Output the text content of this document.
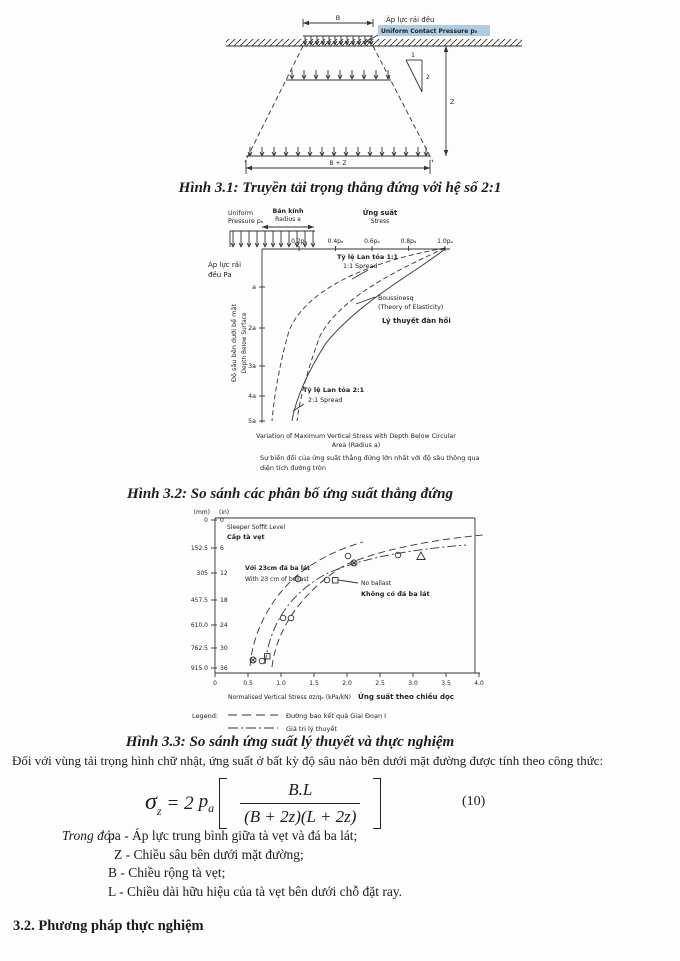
B	Áp lực rải đều
Uniform Contact Pressure p₀
1
2
Z
B + Z
Hình 3.1: Truyền tải trọng thẳng đứng với hệ số 2:1
Uniform
Pressure pₐ
Bán kính
Radius a
Ứng suất
Stress
0.2pₐ	0.4pₐ	0.6pₐ	0.8pₐ	1.0pₐ
a
2a
3a
4a
5a
Áp lực rải
đều Pa
Độ sâu bên dưới bề mặt Depth Below Surface
Tỷ lệ Lan tỏa 1:1
1:1 Spread
Boussinesq
(Theory of Elasticity)
Lý thuyết đàn hồi
Tỷ lệ Lan tỏa 2:1
2:1 Spread
Variation of Maximum Vertical Stress with Depth Below Circular
Area (Radius a)
Sự biến đổi của ứng suất thẳng đứng lớn nhất với độ sâu thông qua
diện tích đường tròn
Hình 3.2: So sánh các phân bố ứng suất thẳng đứng
(mm) (in)
0
152.5
305
457.5
610.0
762.5
915.0
0
6
12
18
24
30
36
0	0.5	1.0	1.5	2.0	2.5	3.0	3.5	4.0
Sleeper Soffit Level
Cấp tà vẹt
Với 23cm đá ba lát
With 23 cm of ballast
No ballast
Không có đá ba lát
Normalised Vertical Stress σz/qₒ (kPa/kN) Ứng suất theo chiều dọc
Legend:	Đường bao kết quả Giai Đoạn I
Giá trị lý thuyết
Hình 3.3: So sánh ứng suất lý thuyết và thực nghiệm
Đối với vùng tải trọng hình chữ nhật, ứng suất ở bất kỳ độ sâu nào bên dưới mặt đường được tính theo công thức:
$\sigma_z = 2$ $p_a \frac{B.L}{(B + 2z)(L + 2z)}$	(10)
Trong đó:
pa - Áp lực trung bình giữa tà vẹt và đá ba lát;
Z - Chiều sâu bên dưới mặt đường;
B - Chiều rộng tà vẹt;
L - Chiều dài hữu hiệu của tà vẹt bên dưới chỗ đặt ray.
3.2. Phương pháp thực nghiệm
